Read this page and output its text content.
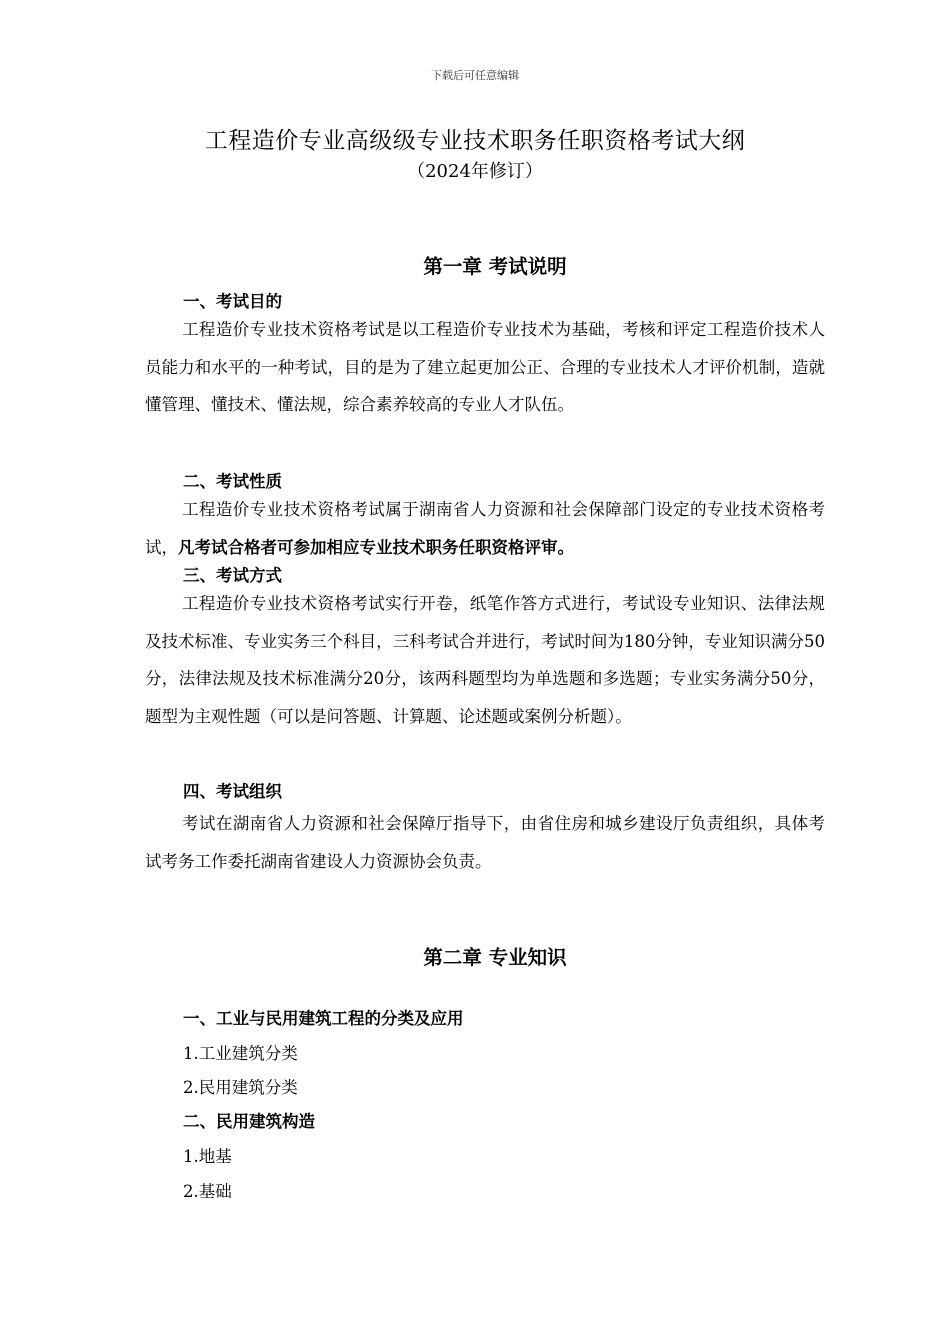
下载后可任意编辑
工程造价专业高级级专业技术职务任职资格考试大纲
（2024年修订）
第一章 考试说明
一、考试目的
工程造价专业技术资格考试是以工程造价专业技术为基础，考核和评定工程造价技术人员能力和水平的一种考试，目的是为了建立起更加公正、合理的专业技术人才评价机制，造就懂管理、懂技术、懂法规，综合素养较高的专业人才队伍。
二、考试性质
工程造价专业技术资格考试属于湖南省人力资源和社会保障部门设定的专业技术资格考试，凡考试合格者可参加相应专业技术职务任职资格评审。
三、考试方式
工程造价专业技术资格考试实行开卷，纸笔作答方式进行，考试设专业知识、法律法规及技术标准、专业实务三个科目，三科考试合并进行，考试时间为180分钟，专业知识满分50分，法律法规及技术标准满分20分，该两科题型均为单选题和多选题；专业实务满分50分，题型为主观性题（可以是问答题、计算题、论述题或案例分析题）。
四、考试组织
考试在湖南省人力资源和社会保障厅指导下，由省住房和城乡建设厅负责组织，具体考试考务工作委托湖南省建设人力资源协会负责。
第二章 专业知识
一、工业与民用建筑工程的分类及应用
1.工业建筑分类
2.民用建筑分类
二、民用建筑构造
1.地基
2.基础
